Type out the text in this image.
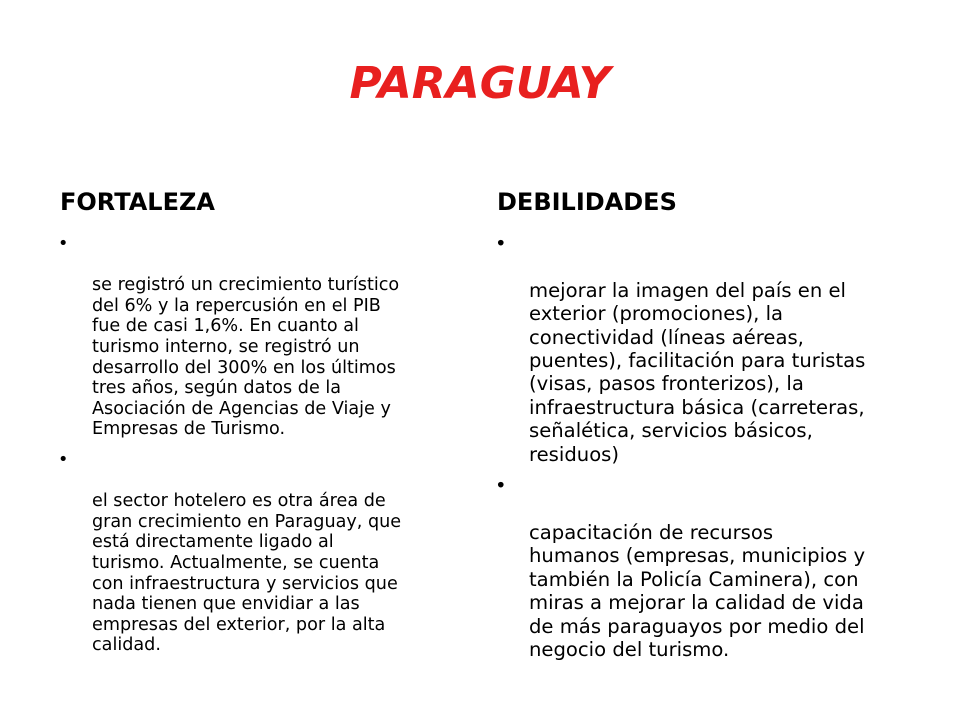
PARAGUAY
FORTALEZA	DEBILIDADES

•

se registró un crecimiento turístico
del 6% y la repercusión en el PIB
fue de casi 1,6%. En cuanto al
turismo interno, se registró un
desarrollo del 300% en los últimos
tres años, según datos de la
Asociación de Agencias de Viaje y
Empresas de Turismo.

•

el sector hotelero es otra área de
gran crecimiento en Paraguay, que
está directamente ligado al
turismo. Actualmente, se cuenta
con infraestructura y servicios que
nada tienen que envidiar a las
empresas del exterior, por la alta
calidad.

•

mejorar la imagen del país en el
exterior (promociones), la
conectividad (líneas aéreas,
puentes), facilitación para turistas
(visas, pasos fronterizos), la
infraestructura básica (carreteras,
señalética, servicios básicos,
residuos)

•

capacitación de recursos
humanos (empresas, municipios y
también la Policía Caminera), con
miras a mejorar la calidad de vida
de más paraguayos por medio del
negocio del turismo.
